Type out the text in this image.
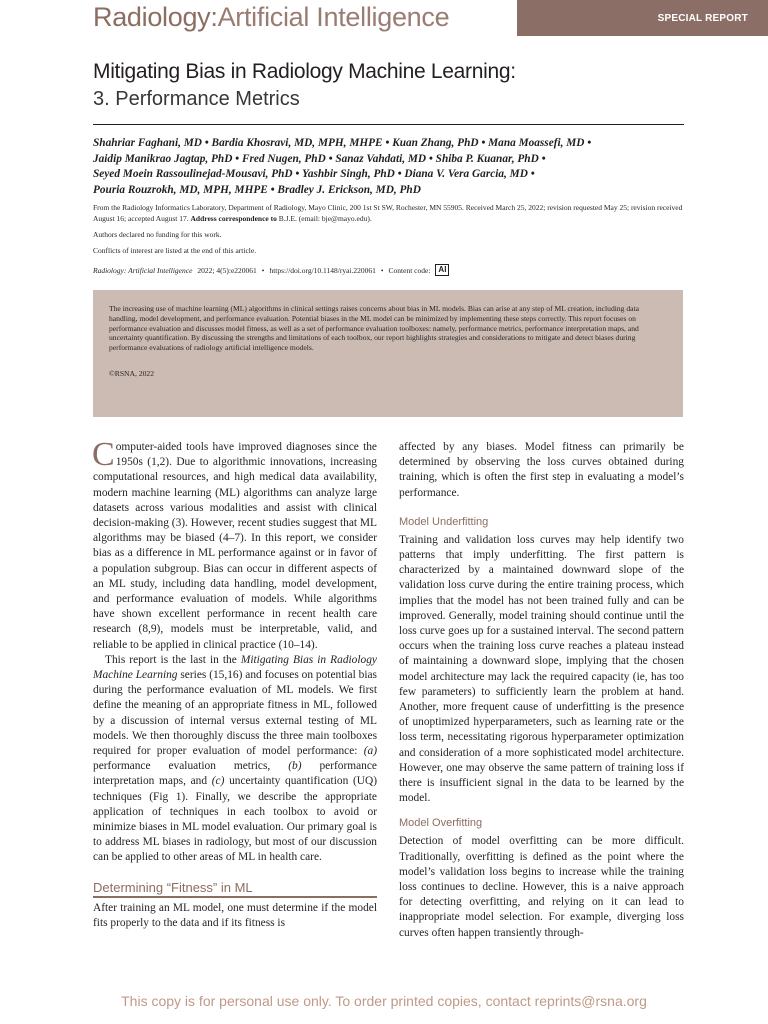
Radiology:Artificial Intelligence	SPECIAL REPORT
Mitigating Bias in Radiology Machine Learning:
3. Performance Metrics
Shahriar Faghani, MD • Bardia Khosravi, MD, MPH, MHPE • Kuan Zhang, PhD • Mana Moassefi, MD •
Jaidip Manikrao Jagtap, PhD • Fred Nugen, PhD • Sanaz Vahdati, MD • Shiba P. Kuanar, PhD •
Seyed Moein Rassoulinejad-Mousavi, PhD • Yashbir Singh, PhD • Diana V. Vera Garcia, MD •
Pouria Rouzrokh, MD, MPH, MHPE • Bradley J. Erickson, MD, PhD
From the Radiology Informatics Laboratory, Department of Radiology, Mayo Clinic, 200 1st St SW, Rochester, MN 55905. Received March 25, 2022; revision requested May 25; revision received August 16; accepted August 17. Address correspondence to B.J.E. (email: bje@mayo.edu).
Authors declared no funding for this work.
Conflicts of interest are listed at the end of this article.
Radiology: Artificial Intelligence 2022; 4(5):e220061 • https://doi.org/10.1148/ryai.220061 • Content code:	AI
The increasing use of machine learning (ML) algorithms in clinical settings raises concerns about bias in ML models. Bias can arise at any step of ML creation, including data handling, model development, and performance evaluation. Potential biases in the ML model can be minimized by implementing these steps correctly. This report focuses on performance evaluation and discusses model fitness, as well as a set of performance evaluation toolboxes: namely, performance metrics, performance interpretation maps, and uncertainty quantification. By discussing the strengths and limitations of each toolbox, our report highlights strategies and considerations to mitigate and detect biases during performance evaluations of radiology artificial intelligence models.
©RSNA, 2022

Computer-aided tools have improved diagnoses since the 1950s (1,2). Due to algorithmic innovations, increasing computational resources, and high medical data availability, modern machine learning (ML) algorithms can analyze large datasets across various modalities and assist with clinical decision-making (3). However, recent studies suggest that ML algorithms may be biased (4–7). In this report, we consider bias as a difference in ML performance against or in favor of a population subgroup. Bias can occur in different aspects of an ML study, including data handling, model development, and performance evaluation of models. While algorithms have shown excellent performance in recent health care research (8,9), models must be interpretable, valid, and reliable to be applied in clinical practice (10–14).

This report is the last in the Mitigating Bias in Radiology Machine Learning series (15,16) and focuses on potential bias during the performance evaluation of ML models. We first define the meaning of an appropriate fitness in ML, followed by a discussion of internal versus external testing of ML models. We then thoroughly discuss the three main toolboxes required for proper evaluation of model performance: (a) performance evaluation metrics, (b) performance interpretation maps, and (c) uncertainty quantification (UQ) techniques (Fig 1). Finally, we describe the appropriate application of techniques in each toolbox to avoid or minimize biases in ML model evaluation. Our primary goal is to address ML biases in radiology, but most of our discussion can be applied to other areas of ML in health care.

Determining “Fitness” in ML

After training an ML model, one must determine if the model fits properly to the data and if its fitness is

affected by any biases. Model fitness can primarily be determined by observing the loss curves obtained during training, which is often the first step in evaluating a model’s performance.

Model Underfitting

Training and validation loss curves may help identify two patterns that imply underfitting. The first pattern is characterized by a maintained downward slope of the validation loss curve during the entire training process, which implies that the model has not been trained fully and can be improved. Generally, model training should continue until the loss curve goes up for a sustained interval. The second pattern occurs when the training loss curve reaches a plateau instead of maintaining a downward slope, implying that the chosen model architecture may lack the required capacity (ie, has too few parameters) to sufficiently learn the problem at hand. Another, more frequent cause of underfitting is the presence of unoptimized hyperparameters, such as learning rate or the loss term, necessitating rigorous hyperparameter optimization and consideration of a more sophisticated model architecture. However, one may observe the same pattern of training loss if there is insufficient signal in the data to be learned by the model.

Model Overfitting

Detection of model overfitting can be more difficult. Traditionally, overfitting is defined as the point where the model’s validation loss begins to increase while the training loss continues to decline. However, this is a naive approach for detecting overfitting, and relying on it can lead to inappropriate model selection. For example, diverging loss curves often happen transiently through-

This copy is for personal use only. To order printed copies, contact reprints@rsna.org
